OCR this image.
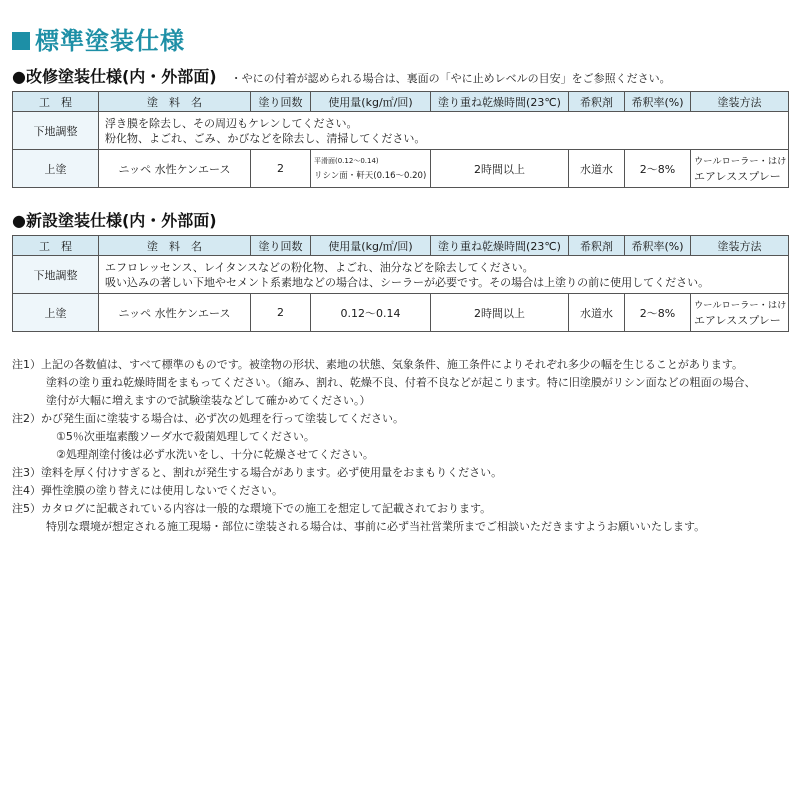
標準塗装仕様
●改修塗装仕様(内・外部面) ・やにの付着が認められる場合は、裏面の「やに止めレベルの目安」をご参照ください。
工　程	塗　料　名	塗り回数	使用量(kg/㎡/回)	塗り重ね乾燥時間(23℃)	希釈剤	希釈率(%)	塗装方法
下地調整	浮き膜を除去し、その周辺もケレンしてください。
粉化物、よごれ、ごみ、かびなどを除去し、清掃してください。						

上塗	ニッペ 水性ケンエース	2	平滑面(0.12～0.14)
リシン面・軒天(0.16～0.20)	2時間以上	水道水	2～8%	ウールローラー・はけ
エアレススプレー
●新設塗装仕様(内・外部面)
工　程	塗　料　名	塗り回数	使用量(kg/㎡/回)	塗り重ね乾燥時間(23℃)	希釈剤	希釈率(%)	塗装方法
下地調整	エフロレッセンス、レイタンスなどの粉化物、よごれ、油分などを除去してください。
吸い込みの著しい下地やセメント系素地などの場合は、シーラーが必要です。その場合は上塗りの前に使用してください。						

上塗	ニッペ 水性ケンエース	2	0.12～0.14	2時間以上	水道水	2～8%	ウールローラー・はけ
エアレススプレー
注1）上記の各数値は、すべて標準のものです。被塗物の形状、素地の状態、気象条件、施工条件によりそれぞれ多少の幅を生じることがあります。
塗料の塗り重ね乾燥時間をまもってください。（縮み、割れ、乾燥不良、付着不良などが起こります。特に旧塗膜がリシン面などの粗面の場合、
塗付が大幅に増えますので試験塗装などして確かめてください。）
注2）かび発生面に塗装する場合は、必ず次の処理を行って塗装してください。
①5％次亜塩素酸ソーダ水で殺菌処理してください。
②処理剤塗付後は必ず水洗いをし、十分に乾燥させてください。
注3）塗料を厚く付けすぎると、割れが発生する場合があります。必ず使用量をおまもりください。
注4）弾性塗膜の塗り替えには使用しないでください。
注5）カタログに記載されている内容は一般的な環境下での施工を想定して記載されております。
特別な環境が想定される施工現場・部位に塗装される場合は、事前に必ず当社営業所までご相談いただきますようお願いいたします。
